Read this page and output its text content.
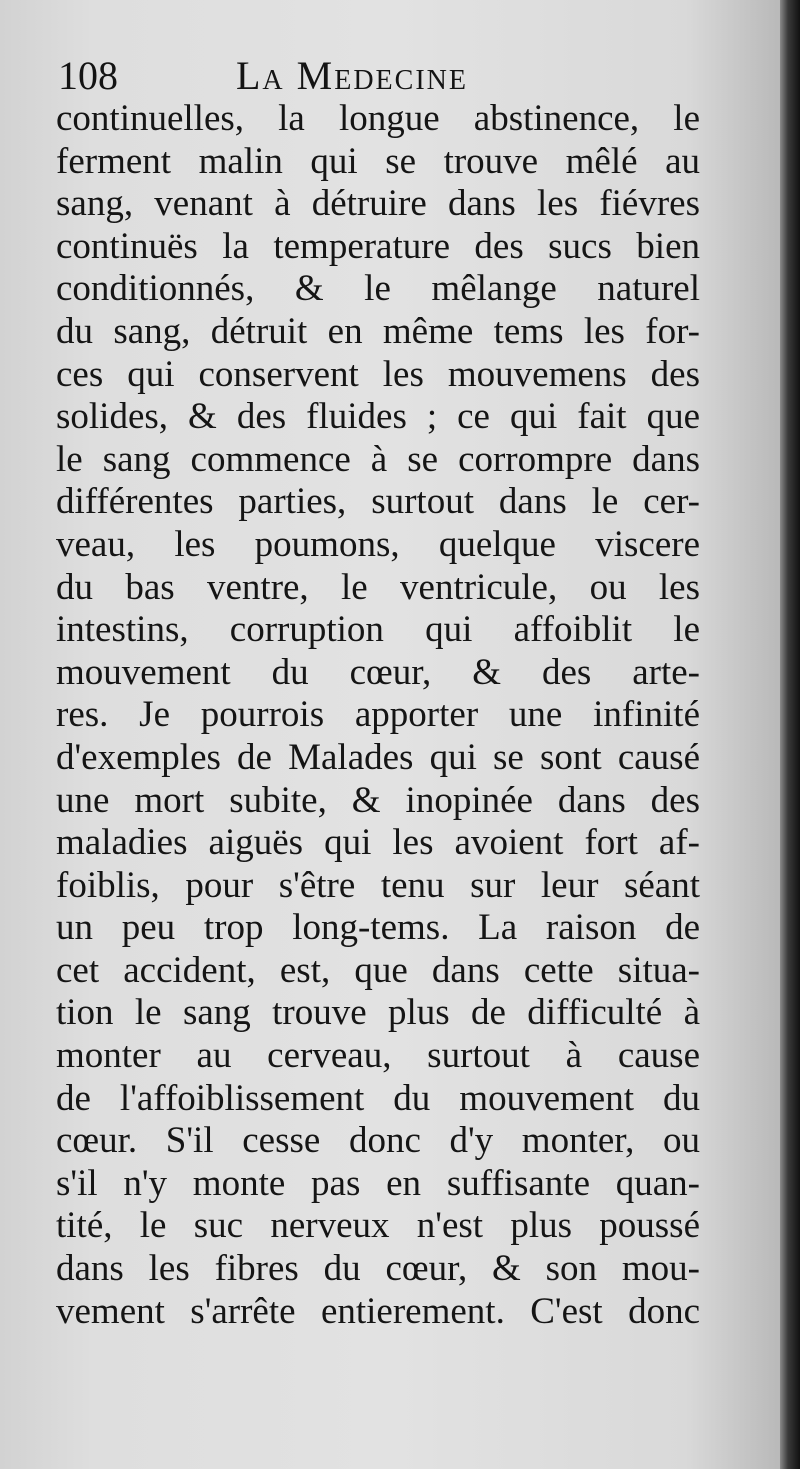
108	La Medecine
continuelles, la longue abstinence, le
ferment malin qui se trouve mêlé au
sang, venant à détruire dans les fiévres
continuës la temperature des sucs bien
conditionnés, & le mêlange naturel
du sang, détruit en même tems les for-
ces qui conservent les mouvemens des
solides, & des fluides ; ce qui fait que
le sang commence à se corrompre dans
différentes parties, surtout dans le cer-
veau, les poumons, quelque viscere
du bas ventre, le ventricule, ou les
intestins, corruption qui affoiblit le
mouvement du cœur, & des arte-
res. Je pourrois apporter une infinité
d'exemples de Malades qui se sont causé
une mort subite, & inopinée dans des
maladies aiguës qui les avoient fort af-
foiblis, pour s'être tenu sur leur séant
un peu trop long-tems. La raison de
cet accident, est, que dans cette situa-
tion le sang trouve plus de difficulté à
monter au cerveau, surtout à cause
de l'affoiblissement du mouvement du
cœur. S'il cesse donc d'y monter, ou
s'il n'y monte pas en suffisante quan-
tité, le suc nerveux n'est plus poussé
dans les fibres du cœur, & son mou-
vement s'arrête entierement. C'est donc
